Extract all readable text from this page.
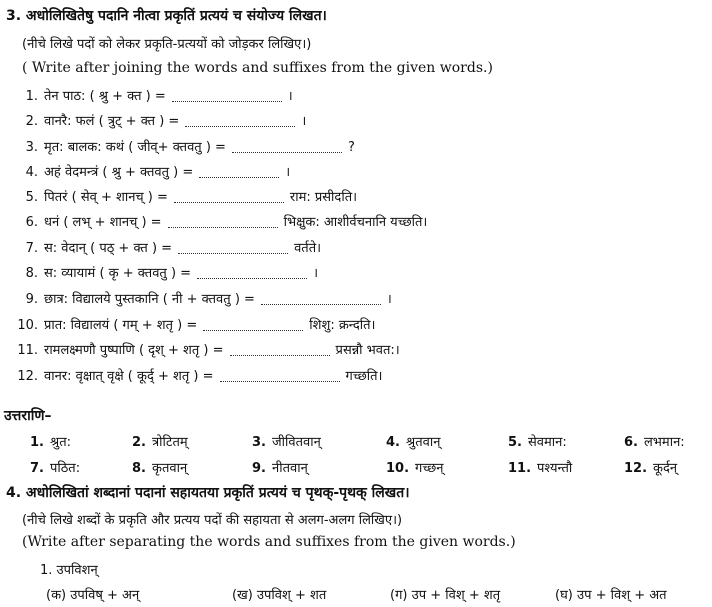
3. अधोलिखितेषु पदानि नीत्वा प्रकृतिं प्रत्ययं च संयोज्य लिखत।
(नीचे लिखे पदों को लेकर प्रकृति-प्रत्ययों को जोड़कर लिखिए।)
( Write after joining the words and suffixes from the given words.)
1. तेन पाठ: ( श्रु + क्त ) =	।
2. वानरै: फलं ( त्रुट् + क्त ) =	।
3. मृत: बालक: कथं ( जीव्+ क्तवतु ) =	?
4. अहं वेदमन्त्रं ( श्रु + क्तवतु ) =	।
5. पितरं ( सेव् + शानच् ) =	राम: प्रसीदति।
6. धनं ( लभ् + शानच् ) =	भिक्षुक: आशीर्वचनानि यच्छति।
7. स: वेदान् ( पठ् + क्त ) =	वर्तते।
8. स: व्यायामं ( कृ + क्तवतु ) =	।
9. छात्र: विद्यालये पुस्तकानि ( नी + क्तवतु ) =	।
10. प्रात: विद्यालयं ( गम् + शतृ ) =	शिशु: क्रन्दति।
11. रामलक्ष्मणौ पुष्पाणि ( दृश् + शतृ ) =	प्रसन्नौ भवत:।
12. वानर: वृक्षात् वृक्षे ( कूर्द् + शतृ ) =	गच्छति।
उत्तराणि–
1. श्रुत:	2. त्रोटितम्	3. जीवितवान्	4. श्रुतवान्	5. सेवमान:	6. लभमान:
7. पठित:	8. कृतवान्	9. नीतवान्	10. गच्छन्	11. पश्यन्तौ	12. कूर्दन्
4. अधोलिखितां शब्दानां पदानां सहायतया प्रकृतिं प्रत्ययं च पृथक्-पृथक् लिखत।
(नीचे लिखे शब्दों के प्रकृति और प्रत्यय पदों की सहायता से अलग-अलग लिखिए।)
(Write after separating the words and suffixes from the given words.)
1. उपविशन्
(क) उपविष् + अन्	(ख) उपविश् + शत	(ग) उप + विश् + शतृ	(घ) उप + विश् + अत
